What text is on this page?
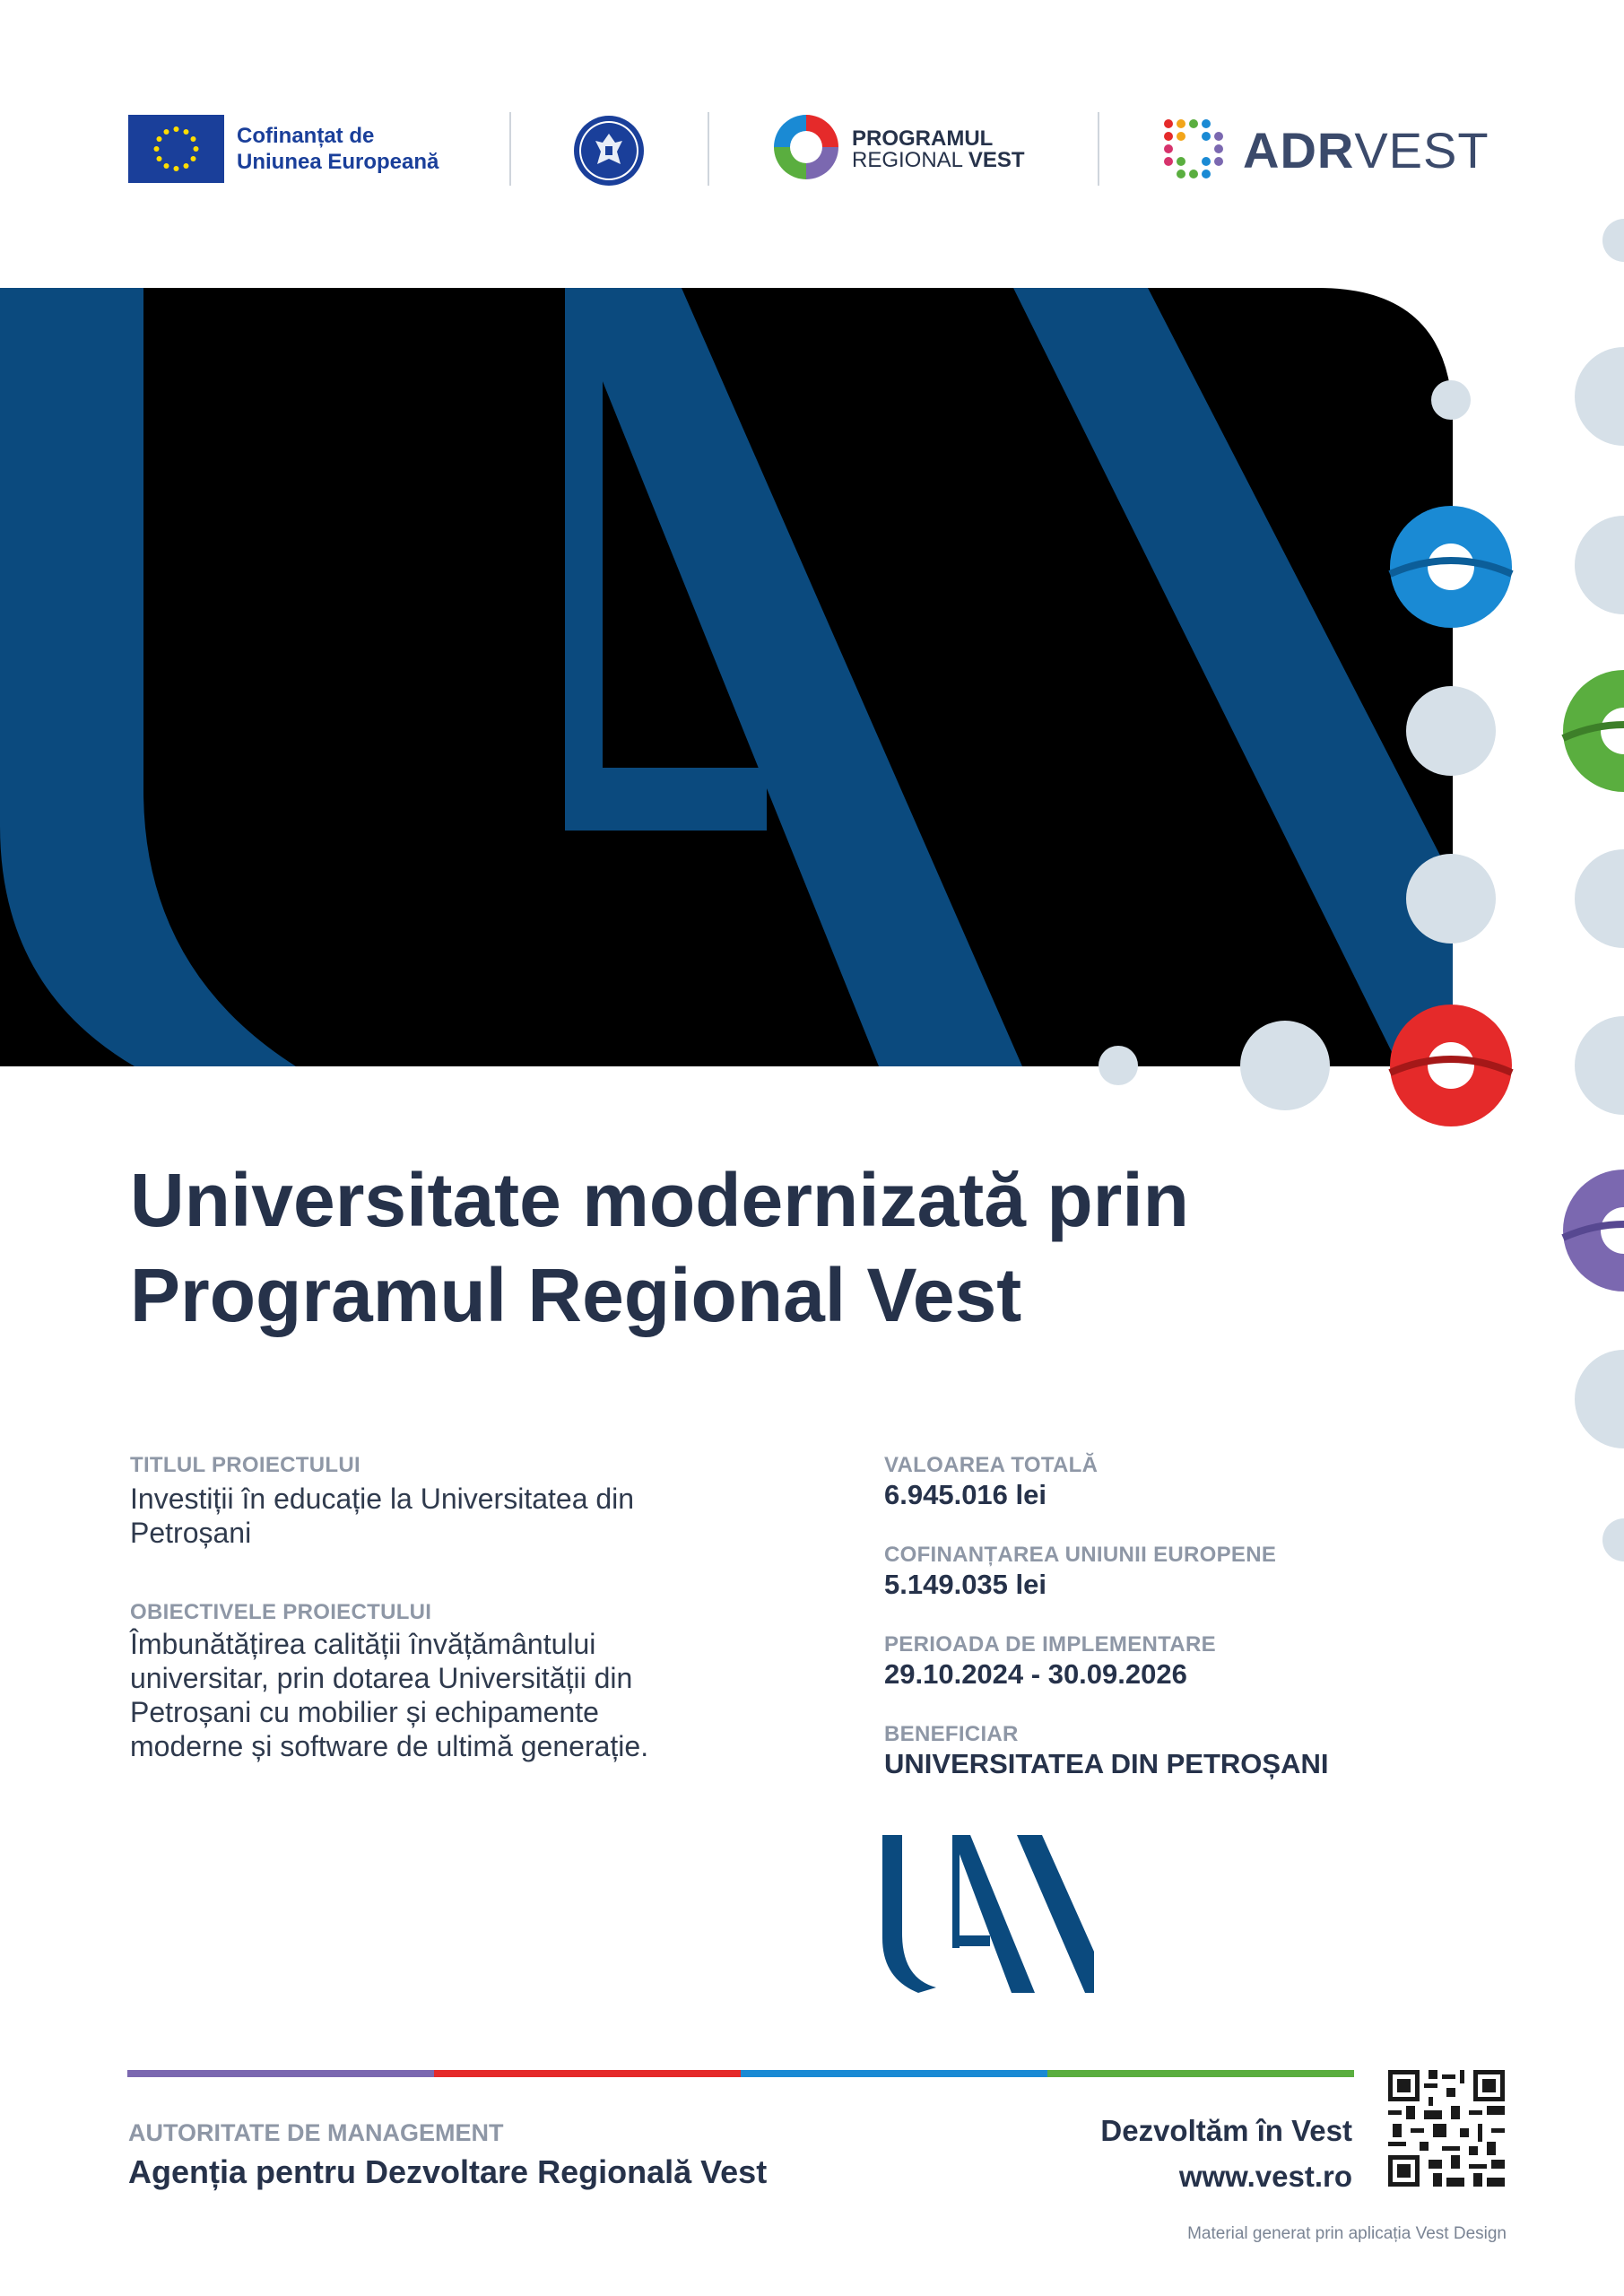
Cofinanțat de
Uniunea Europeană
PROGRAMUL
REGIONAL VEST	ADRVEST
Universitate modernizată prin
Programul Regional Vest
TITLUL PROIECTULUI
Investiții în educație la Universitatea din
Petroșani
OBIECTIVELE PROIECTULUI
Îmbunătățirea calității învățământului
universitar, prin dotarea Universității din
Petroșani cu mobilier și echipamente
moderne și software de ultimă generație.
VALOAREA TOTALĂ
6.945.016 lei
COFINANȚAREA UNIUNII EUROPENE
5.149.035 lei
PERIOADA DE IMPLEMENTARE
29.10.2024 - 30.09.2026
BENEFICIAR
UNIVERSITATEA DIN PETROȘANI
AUTORITATE DE MANAGEMENT
Agenția pentru Dezvoltare Regională Vest
Dezvoltăm în Vest
www.vest.ro
Material generat prin aplicația Vest Design
